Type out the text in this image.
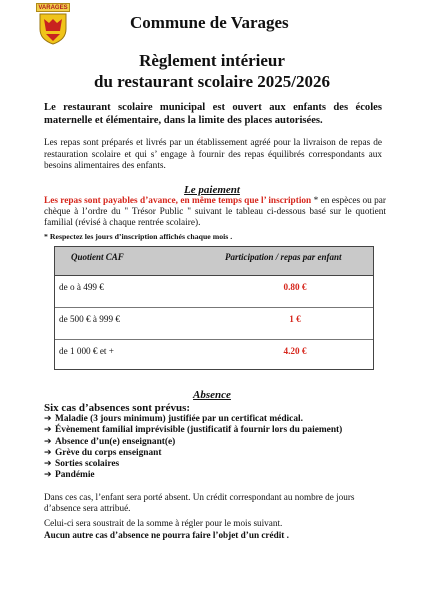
VARAGES
Commune de Varages
Règlement intérieur
du restaurant scolaire 2025/2026
Le restaurant scolaire municipal est ouvert aux enfants des écoles maternelle et élémentaire, dans la limite des places autorisées.
Les repas sont préparés et livrés par un établissement agréé pour la livraison de repas de restauration scolaire et qui s’ engage à fournir des repas équilibrés correspondants aux besoins alimentaires des enfants.
Le paiement
Les repas sont payables d’avance, en même temps que l’ inscription * en espèces ou par chèque à l’ordre du " Trésor Public " suivant le tableau ci-dessous basé sur le quotient familial (révisé à chaque rentrée scolaire).
* Respectez les jours d’inscription affichés chaque mois .
Quotient CAF	Participation / repas par enfant
de o à 499 €	0.80 €
de 500 € à 999 €	1 €
de 1 000 € et +	4.20 €
Absence
Six cas d’absences sont prévus:
➔ Maladie (3 jours minimum) justifiée par un certificat médical.
➔ Évènement familial imprévisible (justificatif à fournir lors du paiement)
➔ Absence d’un(e) enseignant(e)
➔ Grève du corps enseignant
➔ Sorties scolaires
➔ Pandémie
Dans ces cas, l’enfant sera porté absent. Un crédit correspondant au nombre de jours d’absence sera attribué.
Celui-ci sera soustrait de la somme à régler pour le mois suivant.
Aucun autre cas d’absence ne pourra faire l’objet d’un crédit .
